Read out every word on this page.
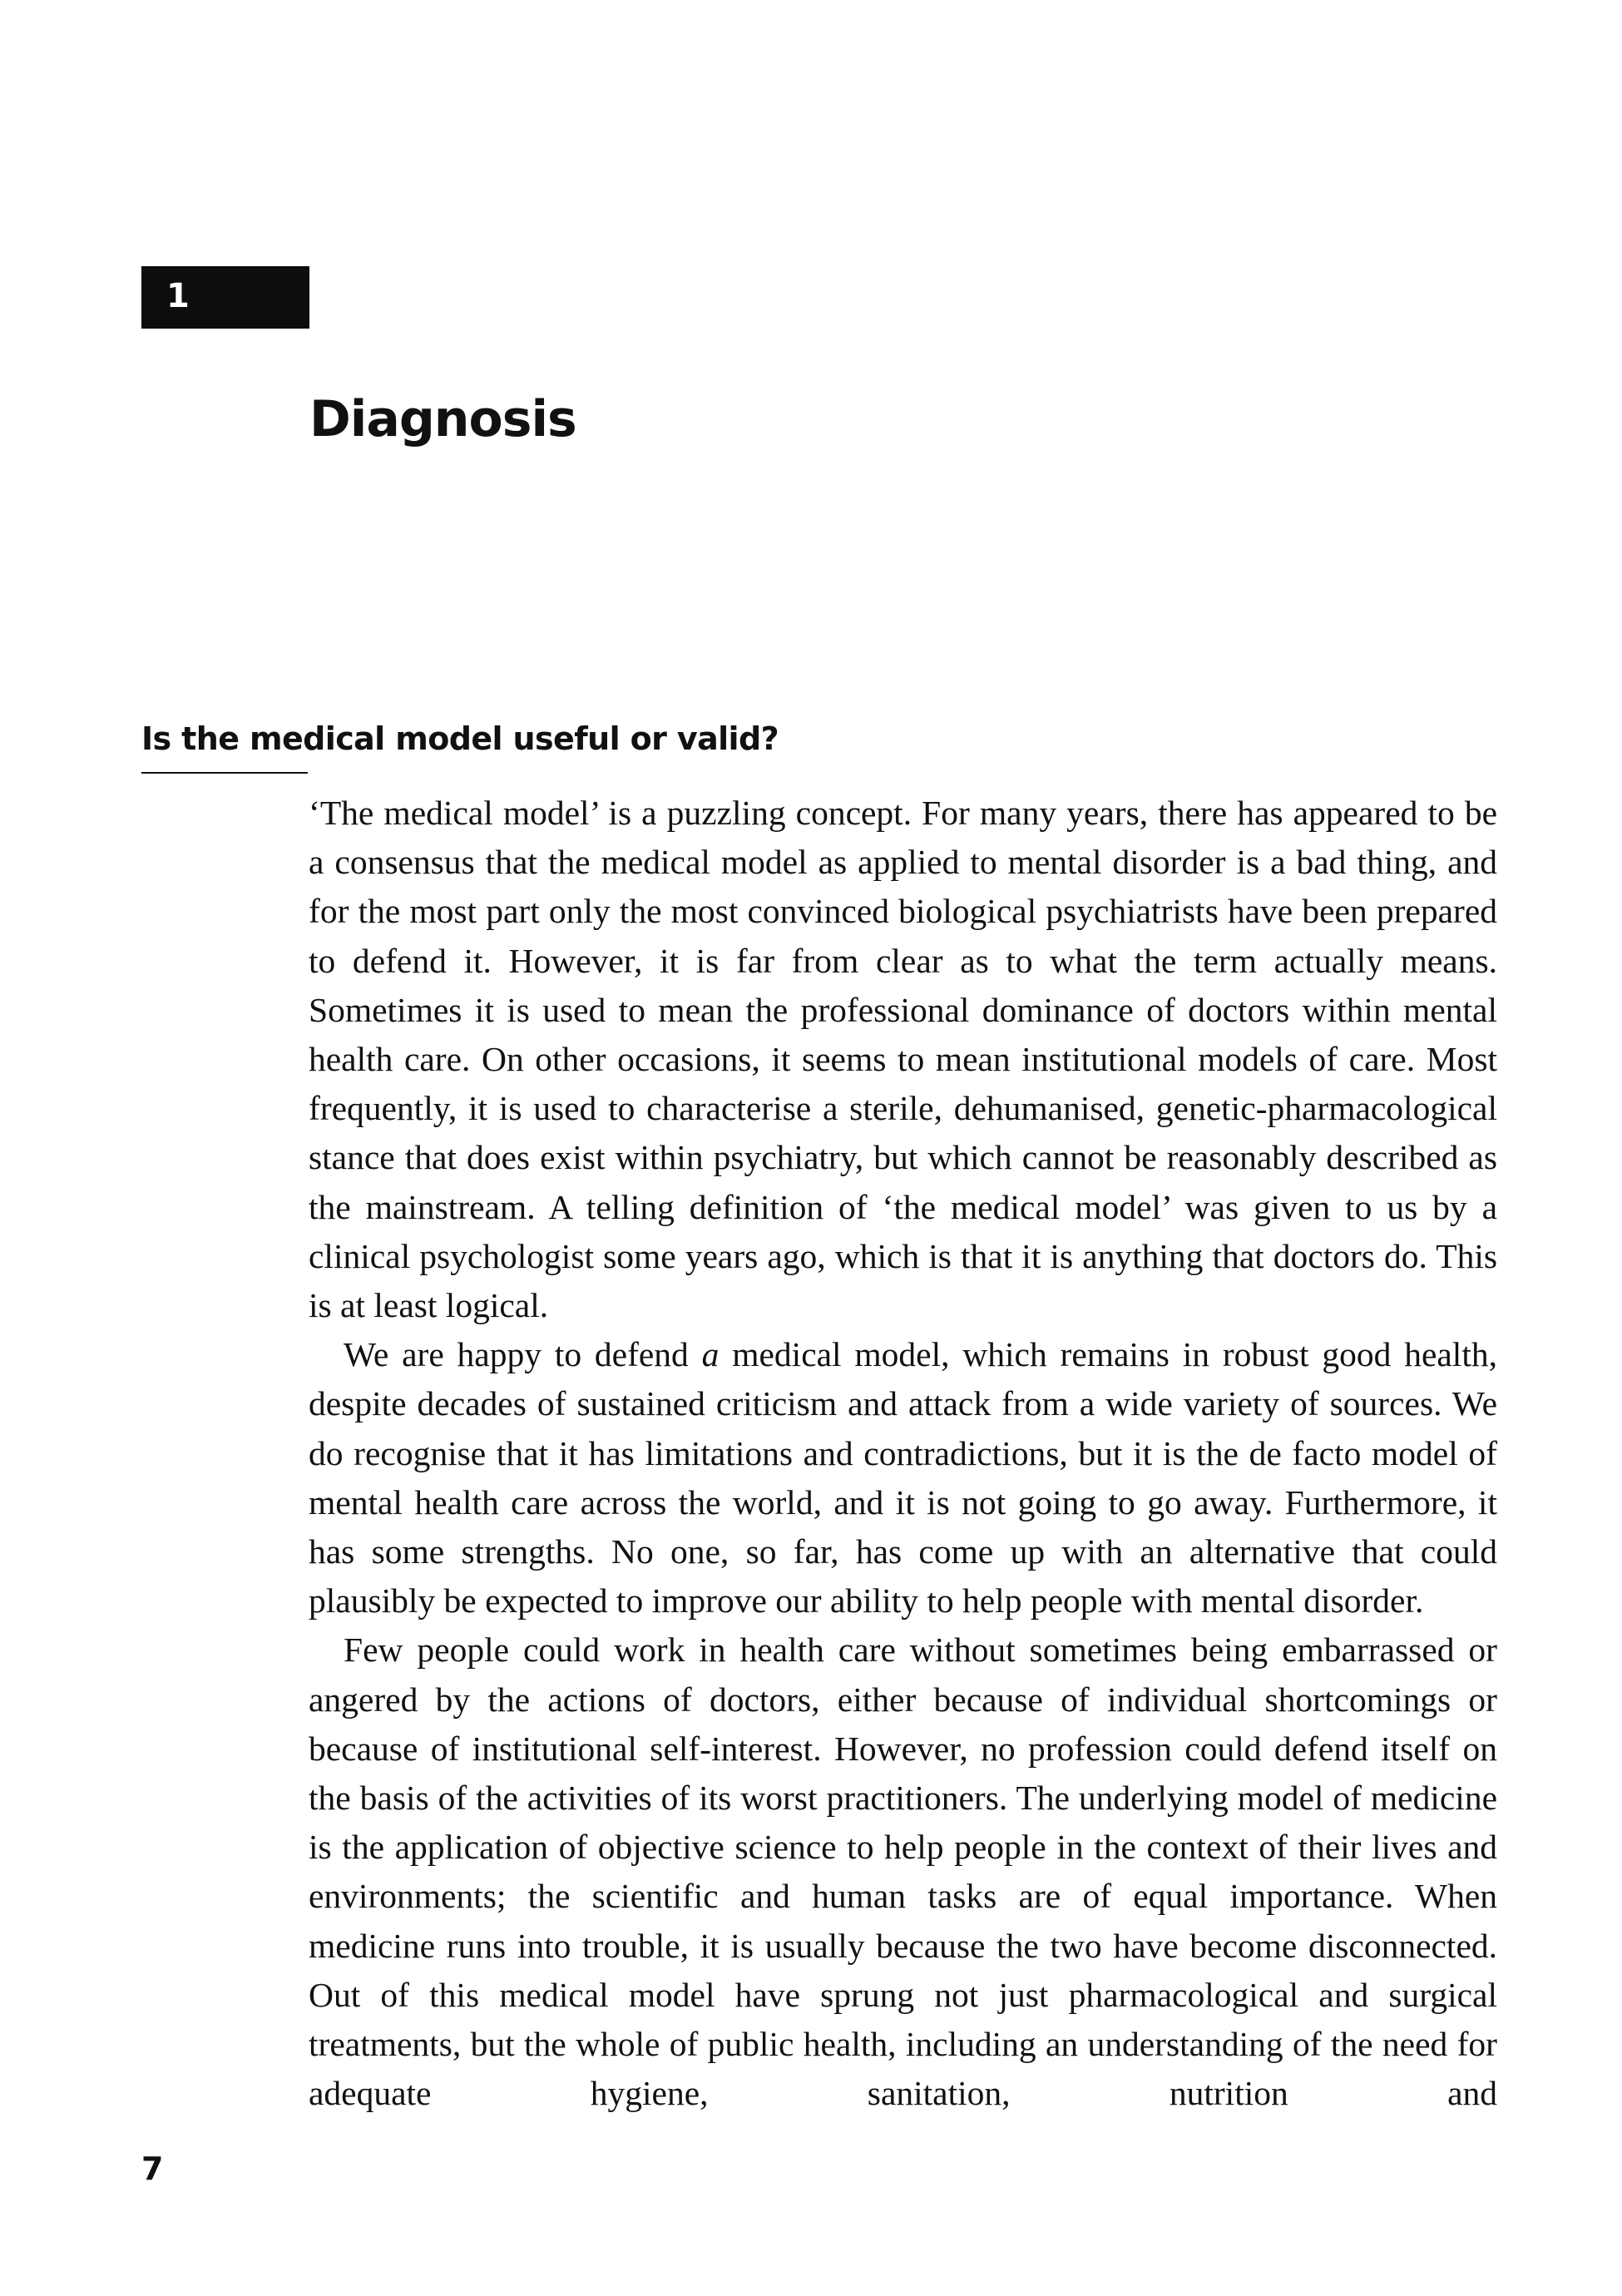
1
Diagnosis
Is the medical model useful or valid?

‘The medical model’ is a puzzling concept. For many years, there has appeared to be a consensus that the medical model as applied to mental disorder is a bad thing, and for the most part only the most convinced biological psychiatrists have been prepared to defend it. However, it is far from clear as to what the term actually means. Sometimes it is used to mean the professional dominance of doctors within mental health care. On other occasions, it seems to mean institutional models of care. Most frequently, it is used to characterise a sterile, dehumanised, genetic-pharmacological stance that does exist within psychiatry, but which cannot be reasonably described as the mainstream. A telling definition of ‘the medical model’ was given to us by a clinical psychologist some years ago, which is that it is anything that doctors do. This is at least logical.

We are happy to defend a medical model, which remains in robust good health, despite decades of sustained criticism and attack from a wide variety of sources. We do recognise that it has limitations and contradictions, but it is the de facto model of mental health care across the world, and it is not going to go away. Furthermore, it has some strengths. No one, so far, has come up with an alternative that could plausibly be expected to improve our ability to help people with mental disorder.

Few people could work in health care without sometimes being embarrassed or angered by the actions of doctors, either because of individual shortcomings or because of institutional self-interest. However, no profession could defend itself on the basis of the activities of its worst practitioners. The underlying model of medicine is the application of objective science to help people in the context of their lives and environments; the scientific and human tasks are of equal importance. When medicine runs into trouble, it is usually because the two have become disconnected. Out of this medical model have sprung not just pharmacological and surgical treatments, but the whole of public health, including an understanding of the need for adequate hygiene, sanitation, nutrition and

7
